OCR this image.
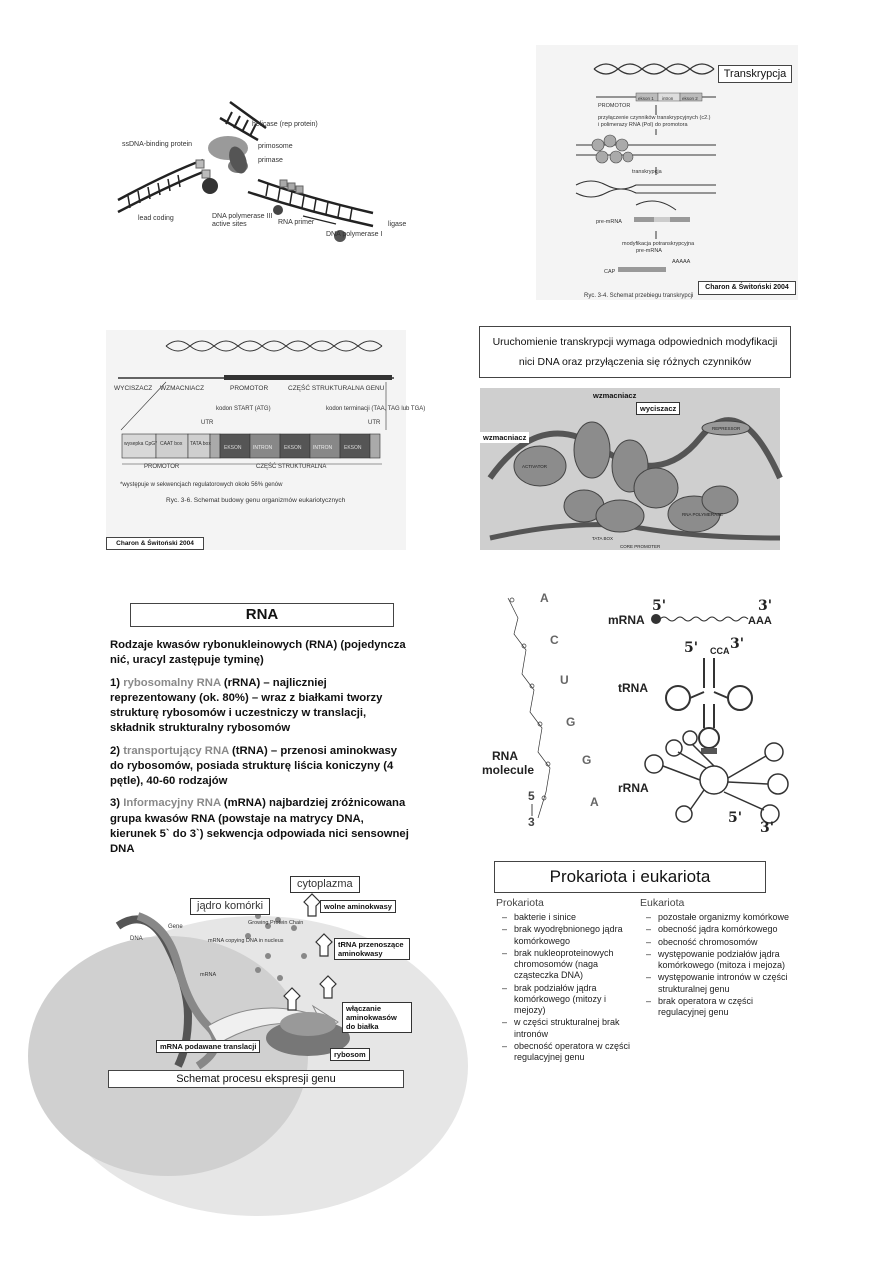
helicase (rep protein)
ssDNA-binding protein	primosome
primase
lead coding	DNA polymerase III
active sites	RNA primer
DNA polymerase I
ligase
PROMOTOR
ekson 1 intron ekson 2
przyłączenie czynników transkrypcyjnych (c2.)
i polimerazy RNA (Pol) do promotora
transkrypcja
pre-mRNA
modyfikacja potranskrypcyjna
pre-mRNA
CAP
AAAAA
Ryc. 3-4. Schemat przebiegu transkrypcji
Transkrypcja
Charon & Świtoński 2004
WYCISZACZ WZMACNIACZ	PROMOTOR	CZĘŚĆ STRUKTURALNA GENU
UTR
kodon START (ATG)	kodon terminacji (TAA, TAG lub TGA)
UTR
wysepka CpG* CAAT box TATA box
EKSON INTRON EKSON INTRON EKSON
PROMOTOR	CZĘŚĆ STRUKTURALNA
*występuje w sekwencjach regulatorowych około 56% genów
Ryc. 3-6. Schemat budowy genu organizmów eukariotycznych
Charon & Świtoński 2004
Uruchomienie transkrypcji wymaga odpowiednich modyfikacji
nici DNA oraz przyłączenia się różnych czynników
ACTIVATOR
REPRESSOR
RNA POLYMERASE
TATA BOX
CORE PROMOTER
wzmacniacz
wyciszacz
wzmacniacz
RNA

Rodzaje kwasów rybonukleinowych (RNA) (pojedyncza nić, uracyl zastępuje tyminę)

1) rybosomalny RNA (rRNA) – najliczniej reprezentowany (ok. 80%) – wraz z białkami tworzy strukturę rybosomów i uczestniczy w translacji, składnik strukturalny rybosomów

2) transportujący RNA (tRNA) – przenosi aminokwasy do rybosomów, posiada strukturę liścia koniczyny (4 pętle), 40-60 rodzajów

3) Informacyjny RNA (mRNA) najbardziej zróżnicowana grupa kwasów RNA (powstaje na matrycy DNA, kierunek 5` do 3`) sekwencja odpowiada nici sensownej DNA

A
C
U
G
G
A
RNA
molecule
5
3
mRNA
5'	3'
AAA
tRNA
5' CCA 3'
rRNA
3'
5'
Gene
DNA
Growing Protein Chain
mRNA copying DNA in nucleus
mRNA
cytoplazma
jądro komórki	wolne aminokwasy
tRNA przenoszące aminokwasy
włączanie aminokwasów do białka
mRNA podawane translacji
rybosom
Schemat procesu ekspresji genu
Prokariota i eukariota
Prokariota
– bakterie i sinice
– brak wyodrębnionego jądra komórkowego
– brak nukleoproteinowych chromosomów (naga cząsteczka DNA)
– brak podziałów jądra komórkowego (mitozy i mejozy)
– w części strukturalnej brak intronów
– obecność operatora w części regulacyjnej genu
Eukariota
– pozostałe organizmy komórkowe
– obecność jądra komórkowego
– obecność chromosomów
– występowanie podziałów jądra komórkowego (mitoza i mejoza)
– występowanie intronów w części strukturalnej genu
– brak operatora w części regulacyjnej genu
